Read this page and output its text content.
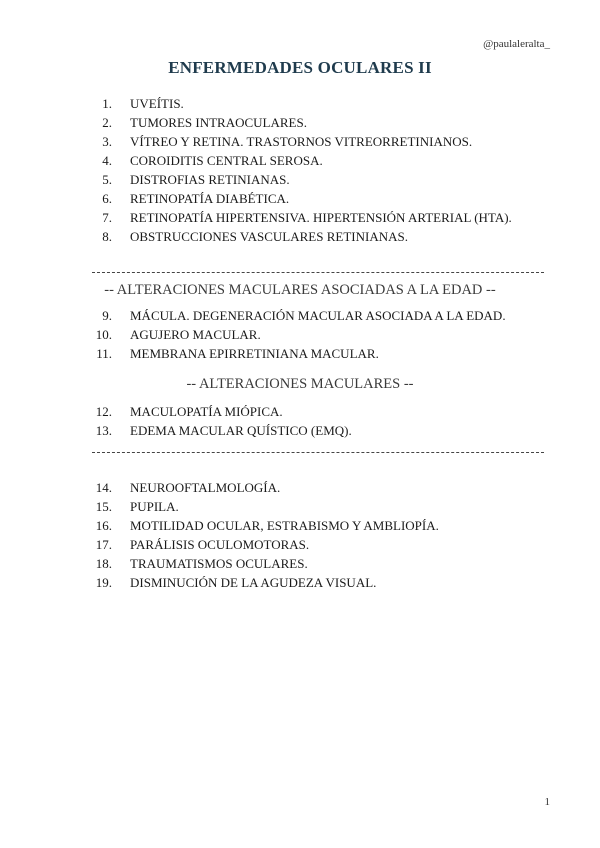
@paulaleralta_
ENFERMEDADES OCULARES II
1. UVEÍTIS.
2. TUMORES INTRAOCULARES.
3. VÍTREO Y RETINA. TRASTORNOS VITREORRETINIANOS.
4. COROIDITIS CENTRAL SEROSA.
5. DISTROFIAS RETINIANAS.
6. RETINOPATÍA DIABÉTICA.
7. RETINOPATÍA HIPERTENSIVA. HIPERTENSIÓN ARTERIAL (HTA).
8. OBSTRUCCIONES VASCULARES RETINIANAS.
-- ALTERACIONES MACULARES ASOCIADAS A LA EDAD --
9. MÁCULA. DEGENERACIÓN MACULAR ASOCIADA A LA EDAD.
10. AGUJERO MACULAR.
11. MEMBRANA EPIRRETINIANA MACULAR.
-- ALTERACIONES MACULARES --
12. MACULOPATÍA MIÓPICA.
13. EDEMA MACULAR QUÍSTICO (EMQ).
14. NEUROOFTALMOLOGÍA.
15. PUPILA.
16. MOTILIDAD OCULAR, ESTRABISMO Y AMBLIOPÍA.
17. PARÁLISIS OCULOMOTORAS.
18. TRAUMATISMOS OCULARES.
19. DISMINUCIÓN DE LA AGUDEZA VISUAL.
1
